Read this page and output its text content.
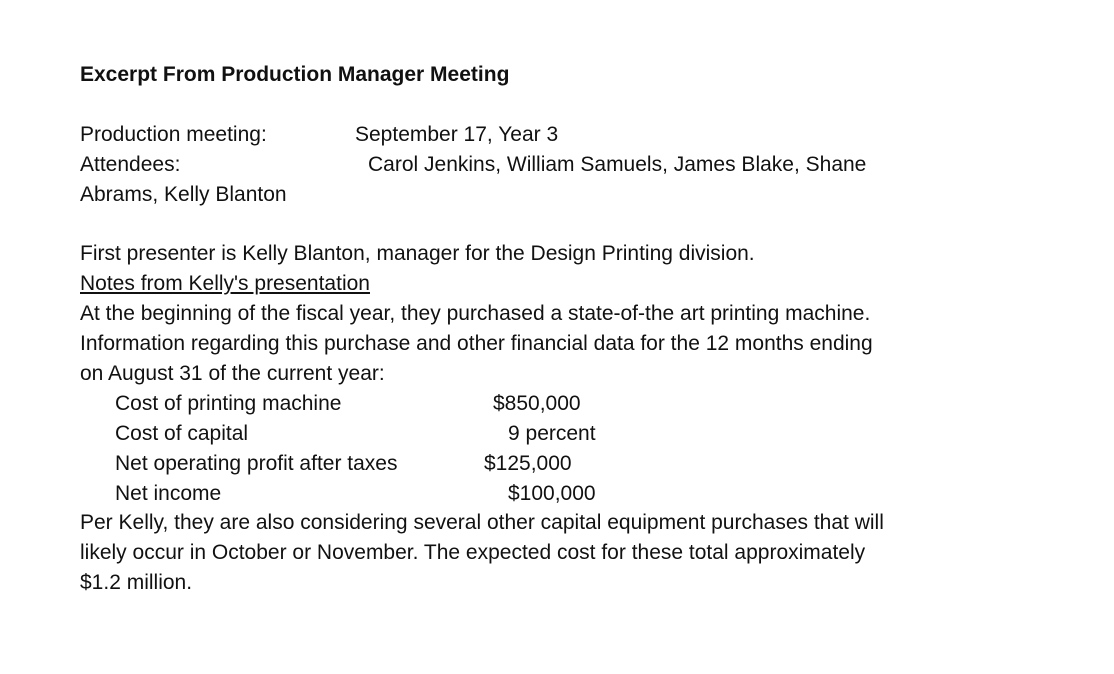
Excerpt From Production Manager Meeting
Production meeting:	September 17, Year 3
Attendees:	Carol Jenkins, William Samuels, James Blake, Shane
Abrams, Kelly Blanton
First presenter is Kelly Blanton, manager for the Design Printing division.
Notes from Kelly's presentation
At the beginning of the fiscal year, they purchased a state-of-the art printing machine.
Information regarding this purchase and other financial data for the 12 months ending
on August 31 of the current year:
Cost of printing machine	$850,000
Cost of capital	9 percent
Net operating profit after taxes	$125,000
Net income	$100,000
Per Kelly, they are also considering several other capital equipment purchases that will
likely occur in October or November. The expected cost for these total approximately
$1.2 million.
